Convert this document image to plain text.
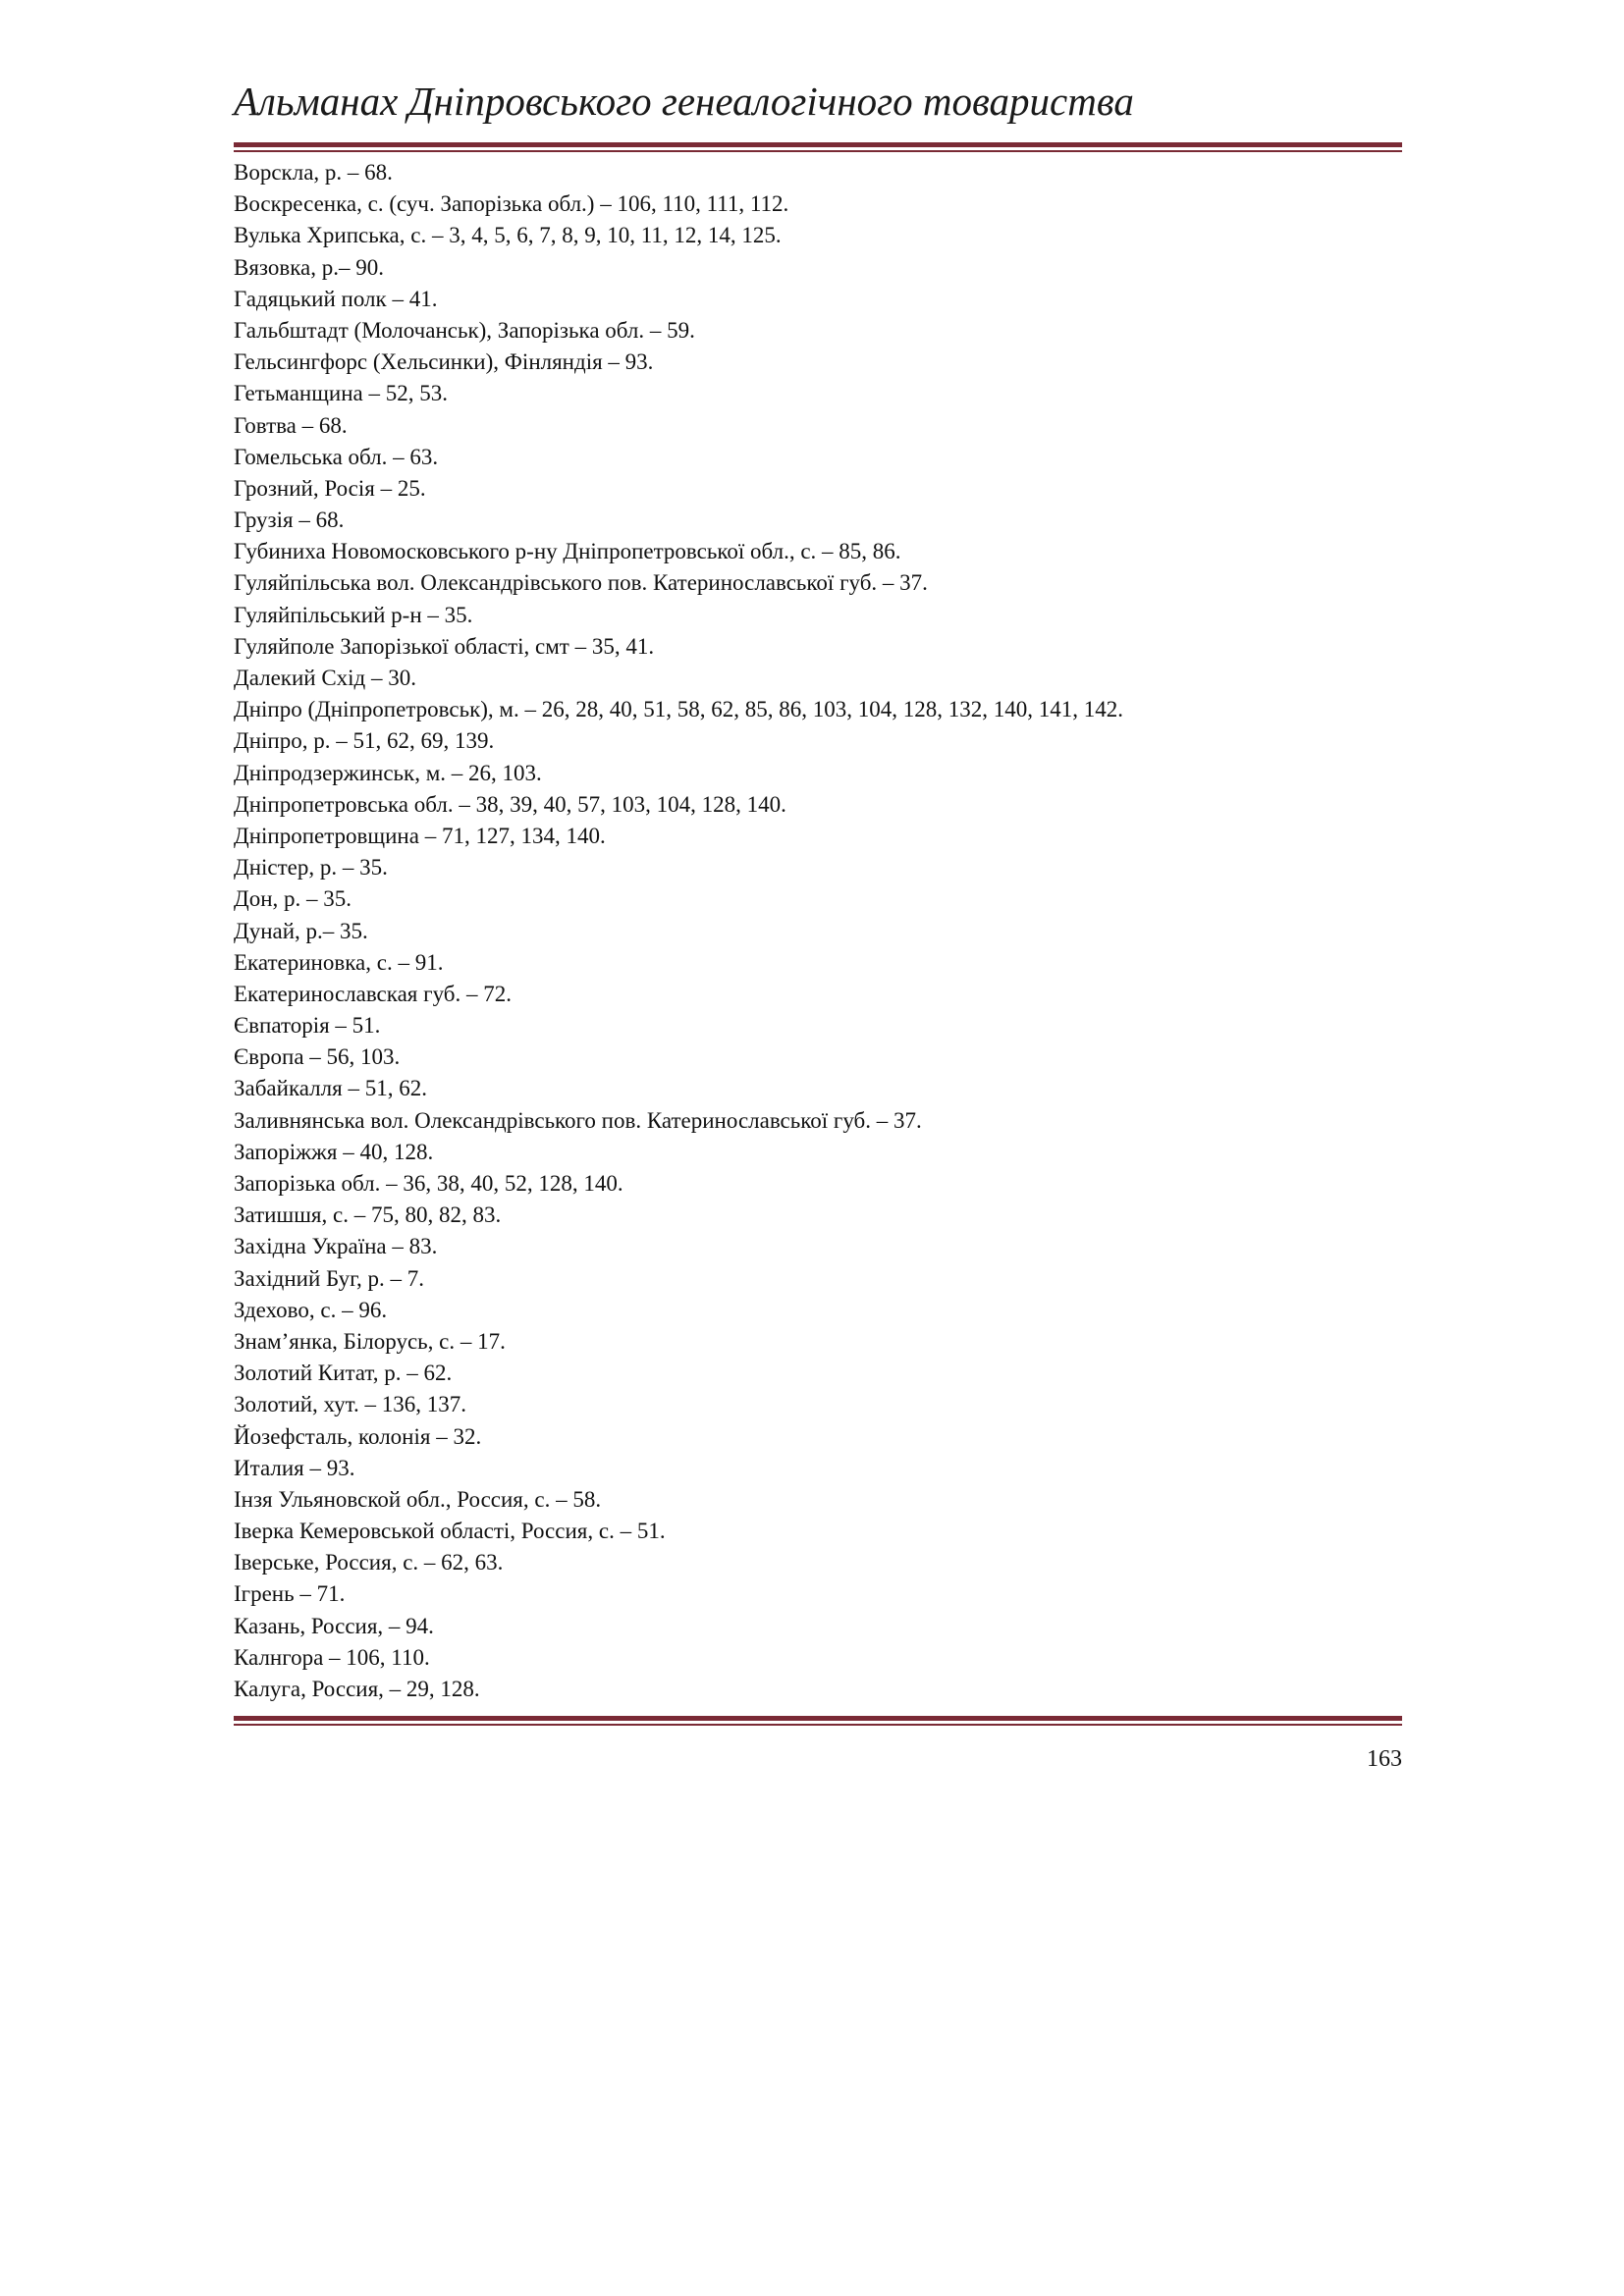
Альманах Дніпровського генеалогічного товариства
Ворскла, р. – 68.
Воскресенка, с. (суч. Запорізька обл.) – 106, 110, 111, 112.
Вулька Хрипська, с. – 3, 4, 5, 6, 7, 8, 9, 10, 11, 12, 14, 125.
Вязовка, р.– 90.
Гадяцький полк – 41.
Гальбштадт (Молочанськ), Запорізька обл. – 59.
Гельсингфорс (Хельсинки), Фінляндія – 93.
Гетьманщина – 52, 53.
Говтва – 68.
Гомельська обл. – 63.
Грозний, Росія – 25.
Грузія – 68.
Губиниха Новомосковського р-ну Дніпропетровської обл., с. – 85, 86.
Гуляйпільська вол. Олександрівського пов. Катеринославської губ. – 37.
Гуляйпільський р-н – 35.
Гуляйполе Запорізької області, смт – 35, 41.
Далекий Схід – 30.
Дніпро (Дніпропетровськ), м. – 26, 28, 40, 51, 58, 62, 85, 86, 103, 104, 128, 132, 140, 141, 142.
Дніпро, р. – 51, 62, 69, 139.
Дніпродзержинськ, м. – 26, 103.
Дніпропетровська обл. – 38, 39, 40, 57, 103, 104, 128, 140.
Дніпропетровщина – 71, 127, 134, 140.
Дністер, р. – 35.
Дон, р. – 35.
Дунай, р.– 35.
Екатериновка, с. – 91.
Екатеринославская губ. – 72.
Євпаторія – 51.
Європа – 56, 103.
Забайкалля – 51, 62.
Заливнянська вол. Олександрівського пов. Катеринославської губ. – 37.
Запоріжжя – 40, 128.
Запорізька обл. – 36, 38, 40, 52, 128, 140.
Затишшя, с. – 75, 80, 82, 83.
Західна Україна – 83.
Західний Буг, р. – 7.
Здехово, с. – 96.
Знам’янка, Білорусь, с. – 17.
Золотий Китат, р. – 62.
Золотий, хут. – 136, 137.
Йозефсталь, колонія – 32.
Италия – 93.
Інзя Ульяновской обл., Россия, с. – 58.
Іверка Кемеровськой області, Россия, с. – 51.
Іверське, Россия, с. – 62, 63.
Ігрень – 71.
Казань, Россия, – 94.
Калнгора – 106, 110.
Калуга, Россия, – 29, 128.
163
